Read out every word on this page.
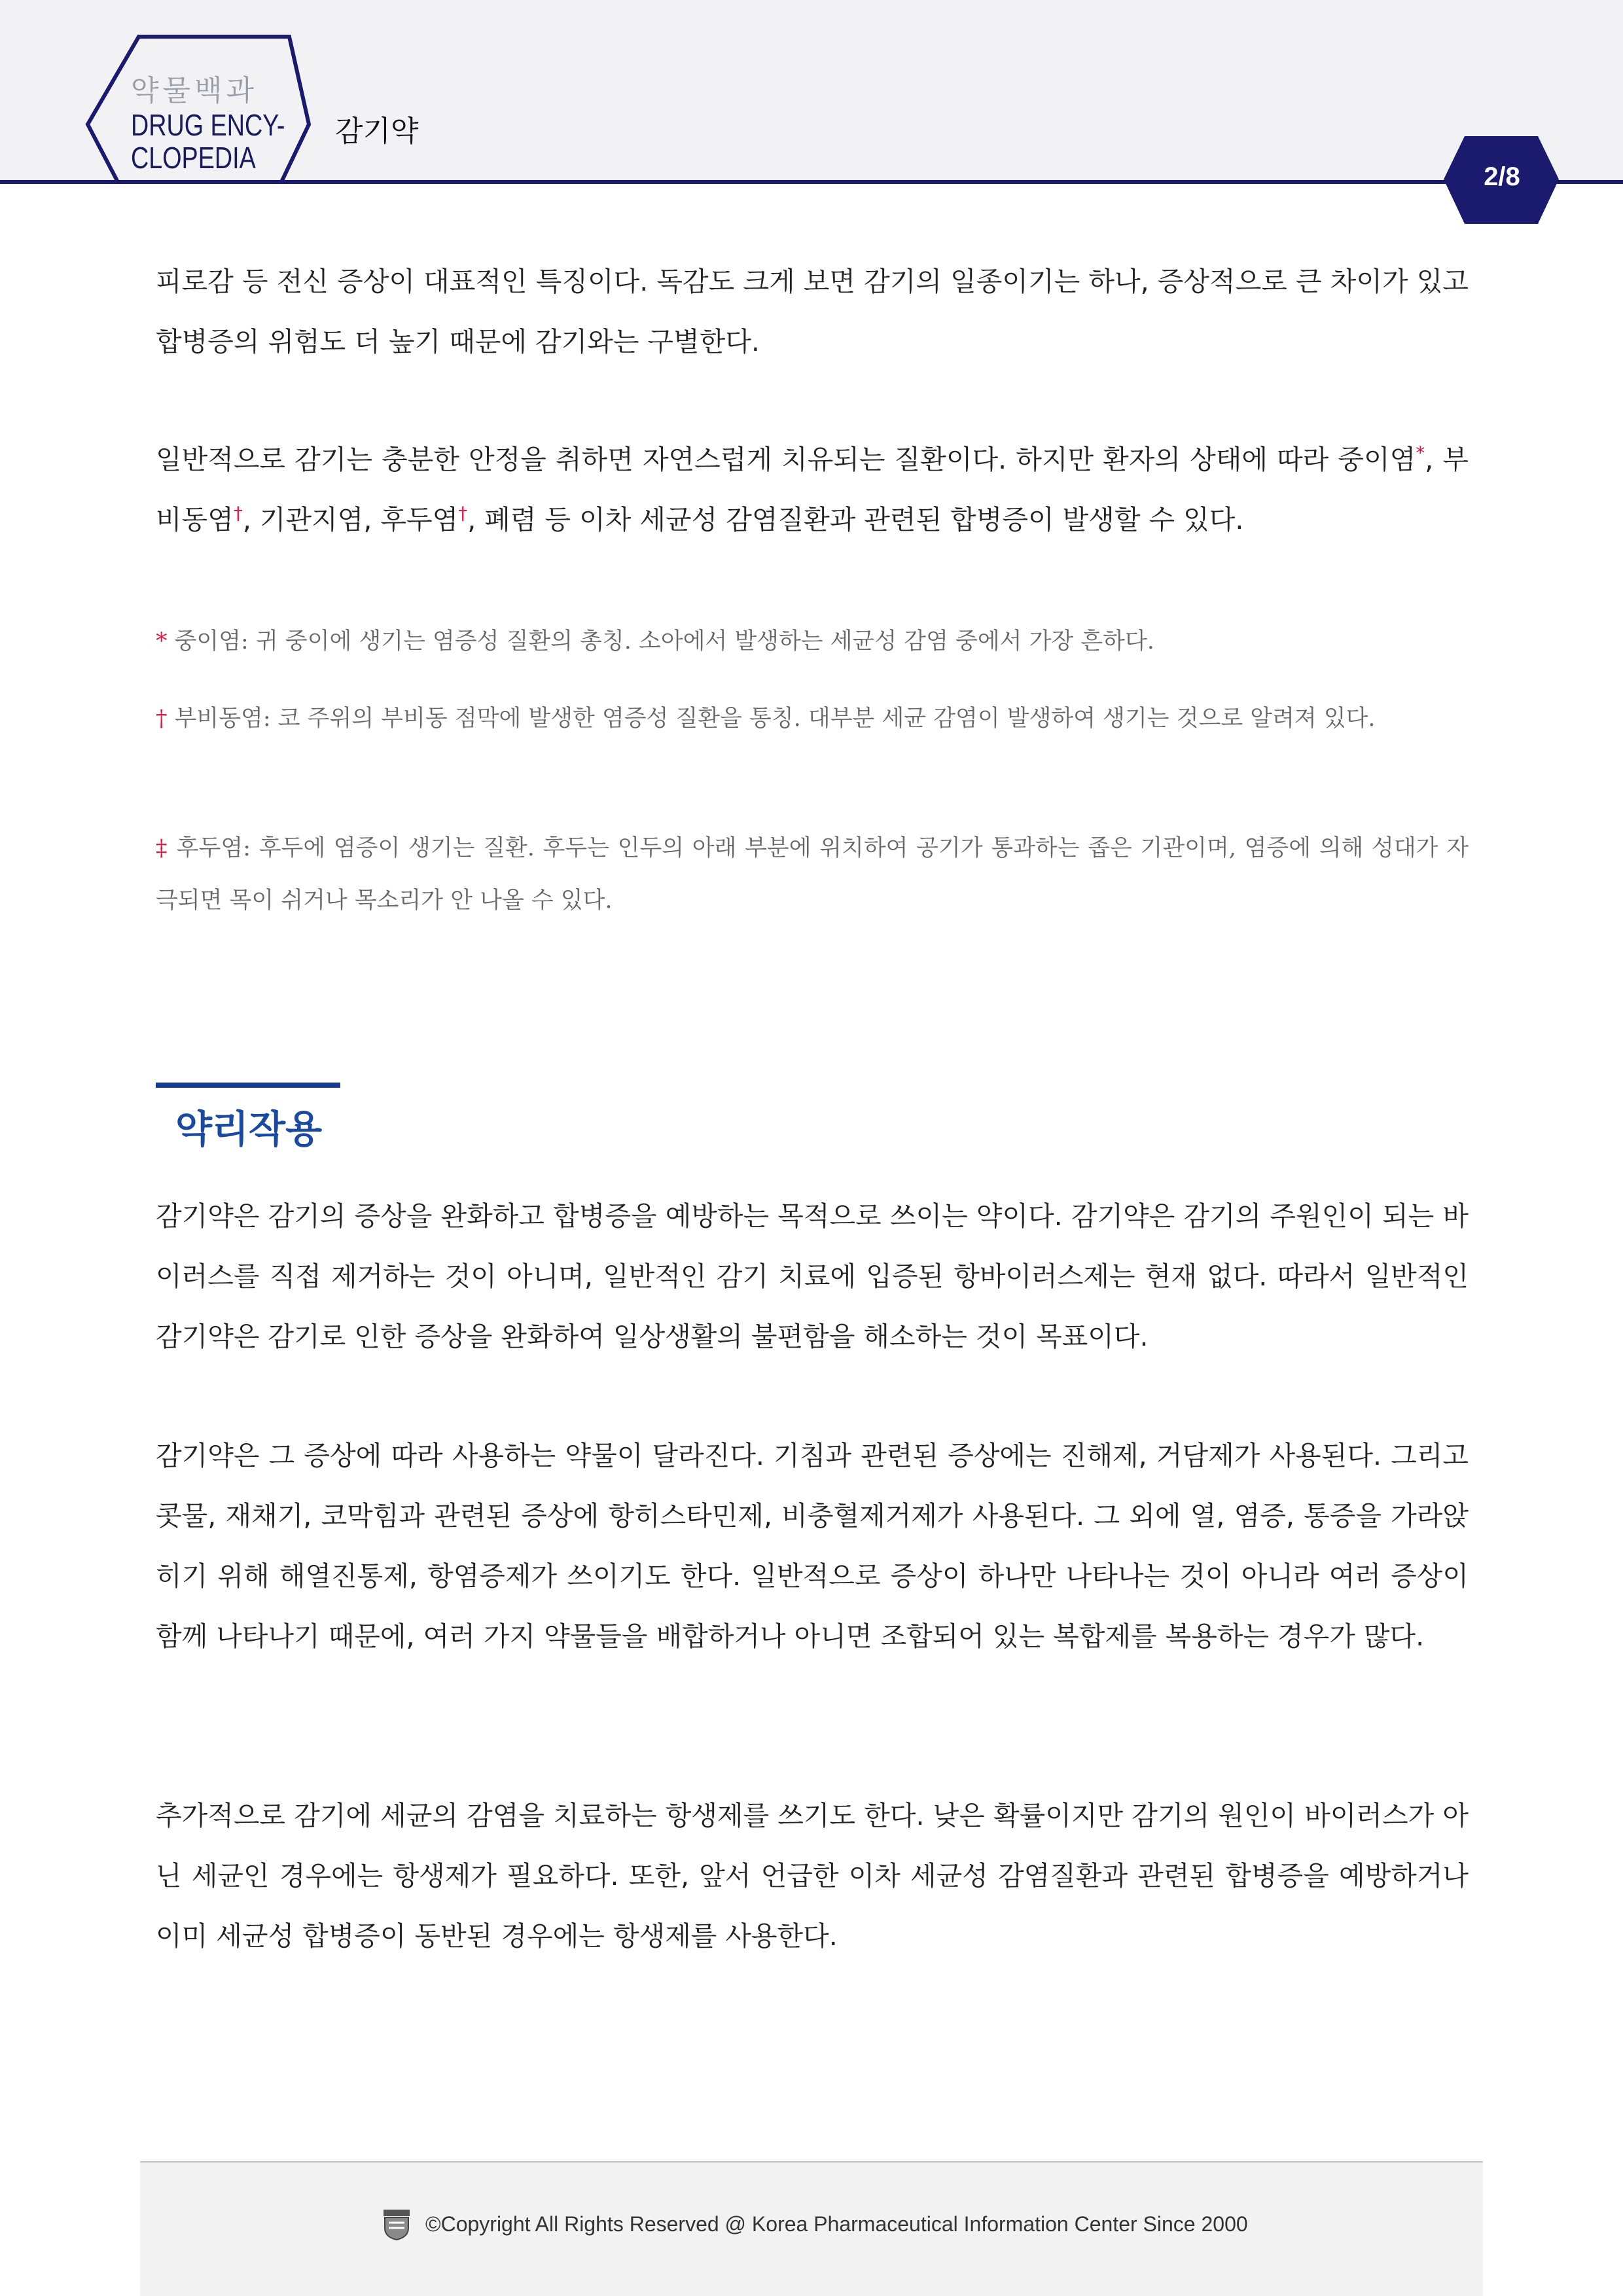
약물백과
DRUG ENCY-
CLOPEDIA
감기약
2/8

피로감 등 전신 증상이 대표적인 특징이다. 독감도 크게 보면 감기의 일종이기는 하나, 증상적으로 큰 차이가 있고 합병증의 위험도 더 높기 때문에 감기와는 구별한다.

일반적으로 감기는 충분한 안정을 취하면 자연스럽게 치유되는 질환이다. 하지만 환자의 상태에 따라 중이염*, 부비동염†, 기관지염, 후두염†, 폐렴 등 이차 세균성 감염질환과 관련된 합병증이 발생할 수 있다.

* 중이염: 귀 중이에 생기는 염증성 질환의 총칭. 소아에서 발생하는 세균성 감염 중에서 가장 흔하다.

† 부비동염: 코 주위의 부비동 점막에 발생한 염증성 질환을 통칭. 대부분 세균 감염이 발생하여 생기는 것으로 알려져 있다.

‡ 후두염: 후두에 염증이 생기는 질환. 후두는 인두의 아래 부분에 위치하여 공기가 통과하는 좁은 기관이며, 염증에 의해 성대가 자극되면 목이 쉬거나 목소리가 안 나올 수 있다.

약리작용

감기약은 감기의 증상을 완화하고 합병증을 예방하는 목적으로 쓰이는 약이다. 감기약은 감기의 주원인이 되는 바이러스를 직접 제거하는 것이 아니며, 일반적인 감기 치료에 입증된 항바이러스제는 현재 없다. 따라서 일반적인 감기약은 감기로 인한 증상을 완화하여 일상생활의 불편함을 해소하는 것이 목표이다.

감기약은 그 증상에 따라 사용하는 약물이 달라진다. 기침과 관련된 증상에는 진해제, 거담제가 사용된다. 그리고 콧물, 재채기, 코막힘과 관련된 증상에 항히스타민제, 비충혈제거제가 사용된다. 그 외에 열, 염증, 통증을 가라앉히기 위해 해열진통제, 항염증제가 쓰이기도 한다. 일반적으로 증상이 하나만 나타나는 것이 아니라 여러 증상이 함께 나타나기 때문에, 여러 가지 약물들을 배합하거나 아니면 조합되어 있는 복합제를 복용하는 경우가 많다.

추가적으로 감기에 세균의 감염을 치료하는 항생제를 쓰기도 한다. 낮은 확률이지만 감기의 원인이 바이러스가 아닌 세균인 경우에는 항생제가 필요하다. 또한, 앞서 언급한 이차 세균성 감염질환과 관련된 합병증을 예방하거나 이미 세균성 합병증이 동반된 경우에는 항생제를 사용한다.

©Copyright All Rights Reserved @ Korea Pharmaceutical Information Center Since 2000
